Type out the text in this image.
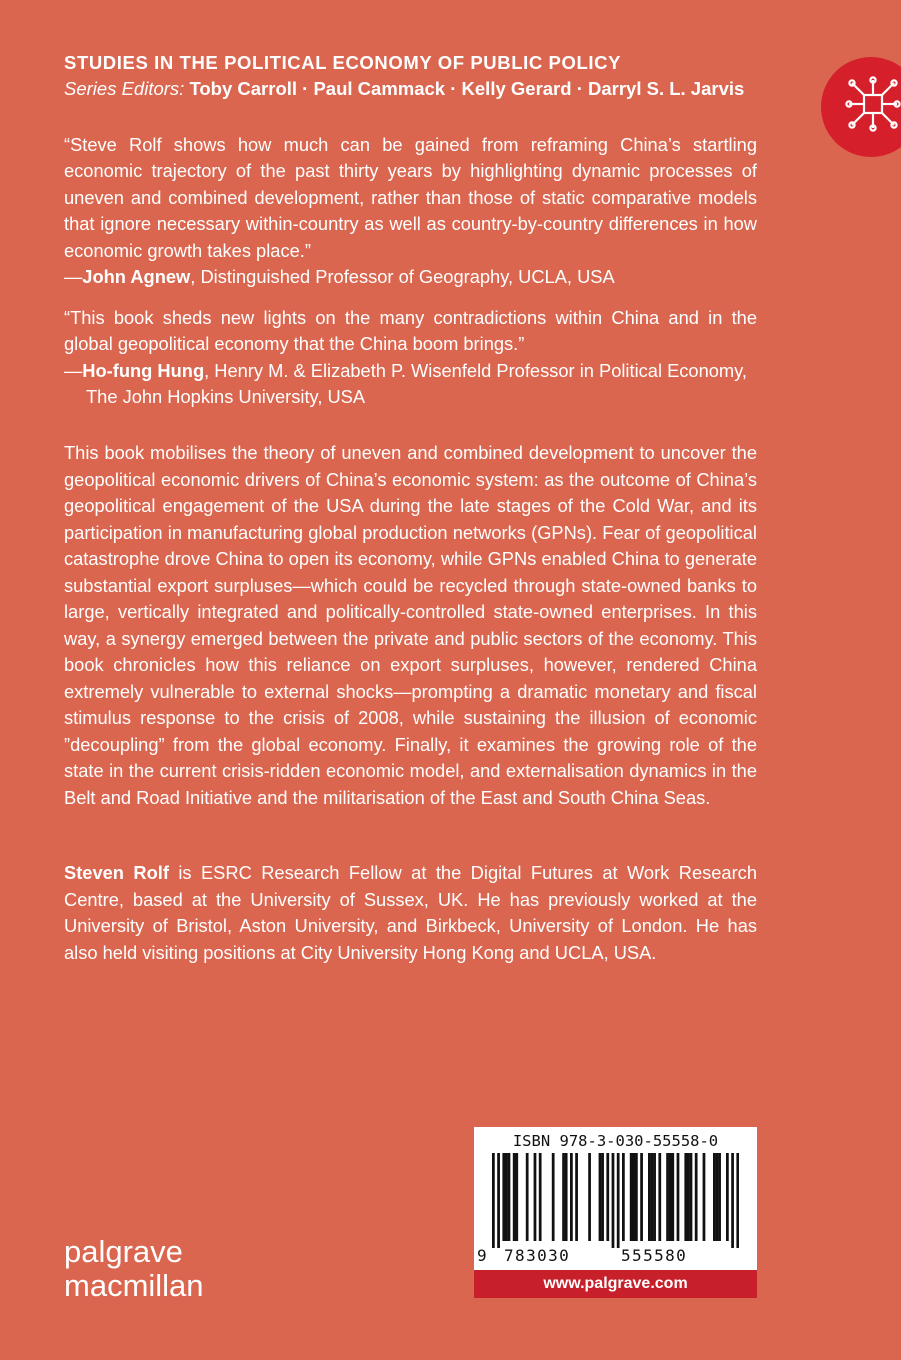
STUDIES IN THE POLITICAL ECONOMY OF PUBLIC POLICY
Series Editors: Toby Carroll · Paul Cammack · Kelly Gerard · Darryl S. L. Jarvis
“Steve Rolf shows how much can be gained from reframing China’s startling economic trajectory of the past thirty years by highlighting dynamic processes of uneven and combined development, rather than those of static comparative models that ignore necessary within-country as well as country-by-country differences in how economic growth takes place.”
—John Agnew, Distinguished Professor of Geography, UCLA, USA
“This book sheds new lights on the many contradictions within China and in the global geopolitical economy that the China boom brings.”
—Ho-fung Hung, Henry M. & Elizabeth P. Wisenfeld Professor in Political Economy, The John Hopkins University, USA
This book mobilises the theory of uneven and combined development to uncover the geopolitical economic drivers of China’s economic system: as the outcome of China’s geopolitical engagement of the USA during the late stages of the Cold War, and its participation in manufacturing global production networks (GPNs). Fear of geopolitical catastrophe drove China to open its economy, while GPNs enabled China to generate substantial export surpluses—which could be recycled through state-owned banks to large, vertically integrated and politically-controlled state-owned enterprises. In this way, a synergy emerged between the private and public sectors of the economy. This book chronicles how this reliance on export surpluses, however, rendered China extremely vulnerable to external shocks—prompting a dramatic monetary and fiscal stimulus response to the crisis of 2008, while sustaining the illusion of economic ”decoupling” from the global economy. Finally, it examines the growing role of the state in the current crisis-ridden economic model, and externalisation dynamics in the Belt and Road Initiative and the militarisation of the East and South China Seas.
Steven Rolf is ESRC Research Fellow at the Digital Futures at Work Research Centre, based at the University of Sussex, UK. He has previously worked at the University of Bristol, Aston University, and Birkbeck, University of London. He has also held visiting positions at City University Hong Kong and UCLA, USA.
ISBN 978-3-030-55558-0
9 783030	555580
www.palgrave.com
palgrave
macmillan
